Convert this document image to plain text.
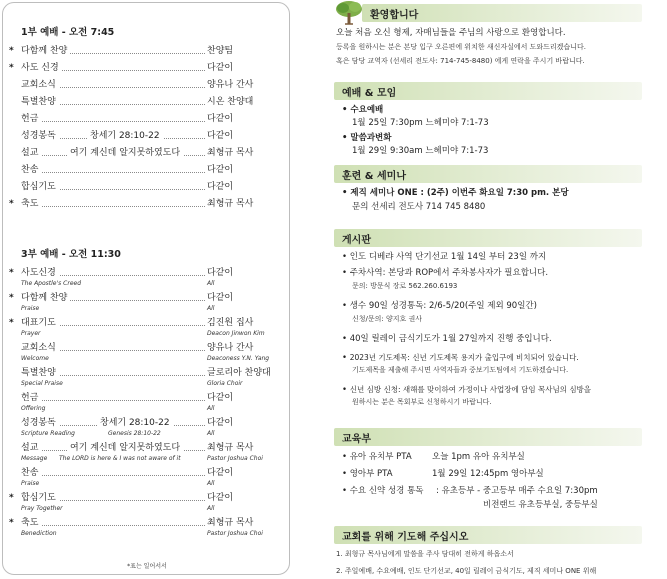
1부 예배 - 오전 7:45
* 다함께 찬양	찬양팀
* 사도 신경	다같이
교회소식	양유나 간사
특별찬양	시온 찬양대
헌금	다같이
성경봉독	창세기 28:10-22	다같이
설교	여기 계신데 알지못하였도다	최형규 목사
찬송	다같이
합심기도	다같이
* 축도	최형규 목사
3부 예배 - 오전 11:30
* 사도신경	다같이
The Apostle's Creed	All
* 다함께 찬양	다같이
Praise	All
* 대표기도	김진원 집사
Prayer	Deacon Jinwon Kim
교회소식	양유나 간사
Welcome	Deaconess Y.N. Yang
특별찬양	글로리아 찬양대
Special Praise	Gloria Choir
헌금	다같이
Offering	All
성경봉독	창세기 28:10-22	다같이
Scripture Reading	Genesis 28:10-22	All
설교	여기 계신데 알지못하였도다	최형규 목사
Message The LORD is here & I was not aware of it	Pastor Joshua Choi
찬송	다같이
Praise	All
* 합심기도	다같이
Pray Together	All
* 축도	최형규 목사
Benediction	Pastor Joshua Choi
*표는 일어서서
환영합니다
오늘 처음 오신 형제, 자매님들을 주님의 사랑으로 환영합니다.
등록을 원하시는 분은 본당 입구 오른편에 위치한 새신자실에서 도와드리겠습니다.
혹은 담당 교역자 (선세리 전도사: 714-745-8480) 에게 연락을 주시기 바랍니다.
예배 & 모임
• 수요예배
1월 25일 7:30pm 느헤미야 7:1-73
• 말씀과변화
1월 29일 9:30am 느헤미야 7:1-73
훈련 & 세미나
• 제직 세미나 ONE : (2주) 이번주 화요일 7:30 pm. 본당
문의 선세리 전도사 714 745 8480
게시판
• 인도 디베랴 사역 단기선교 1월 14일 부터 23일 까지
• 주차사역: 본당과 ROP에서 주차봉사자가 필요합니다.
문의: 방문식 장로 562.260.6193
• 생수 90일 성경통독: 2/6-5/20(주일 제외 90일간)
신청/문의: 양지호 권사
• 40일 릴레이 금식기도가 1월 27일까지 진행 중입니다.
• 2023년 기도제목: 신년 기도제목 용지가 출입구에 비치되어 있습니다.
기도제목을 제출해 주시면 사역자들과 중보기도팀에서 기도하겠습니다.
• 신년 심방 신청: 새해를 맞이하여 가정이나 사업장에 담임 목사님의 심방을
원하시는 분은 목회부로 신청하시기 바랍니다.
교육부
• 유아 유치부 PTA 오늘 1pm 유아 유치부실
• 영아부 PTA	1월 29일 12:45pm 영아부실
• 수요 신약 성경 통독 : 유초등부 - 중고등부 매주 수요일 7:30pm
비전랜드 유초등부실, 중등부실
교회를 위해 기도해 주십시오
1. 최형규 목사님에게 말씀을 주사 담대히 전하게 하옵소서
2. 주일예배, 수요예배, 인도 단기선교, 40일 릴레이 금식기도, 제직 세미나 ONE 위해
